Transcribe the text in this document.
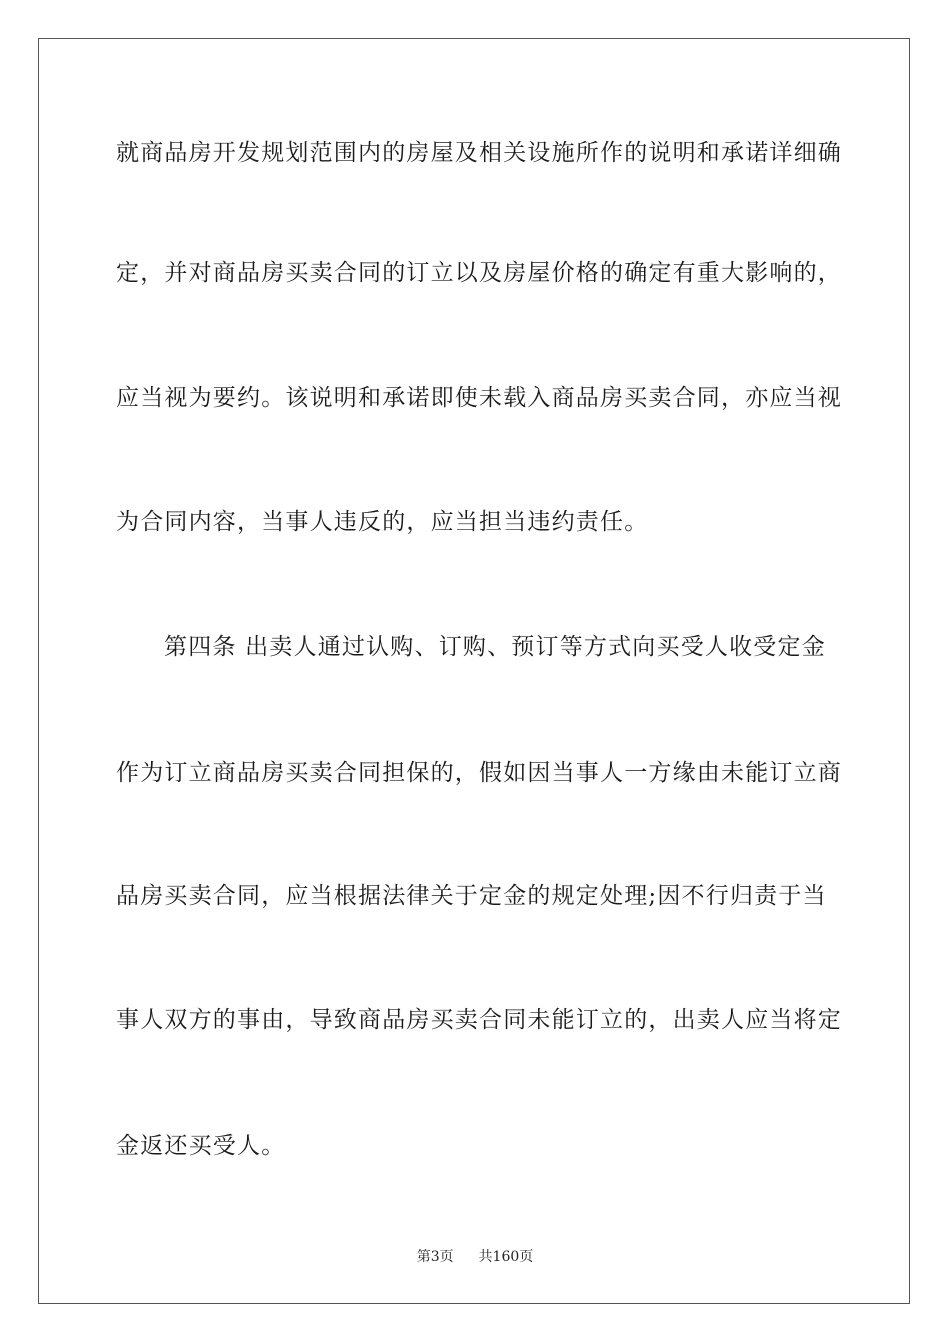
就商品房开发规划范围内的房屋及相关设施所作的说明和承诺详细确
定，并对商品房买卖合同的订立以及房屋价格的确定有重大影响的，
应当视为要约。该说明和承诺即使未载入商品房买卖合同，亦应当视
为合同内容，当事人违反的，应当担当违约责任。
第四条 出卖人通过认购、订购、预订等方式向买受人收受定金
作为订立商品房买卖合同担保的，假如因当事人一方缘由未能订立商
品房买卖合同，应当根据法律关于定金的规定处理;因不行归责于当
事人双方的事由，导致商品房买卖合同未能订立的，出卖人应当将定
金返还买受人。
第3页 共160页
